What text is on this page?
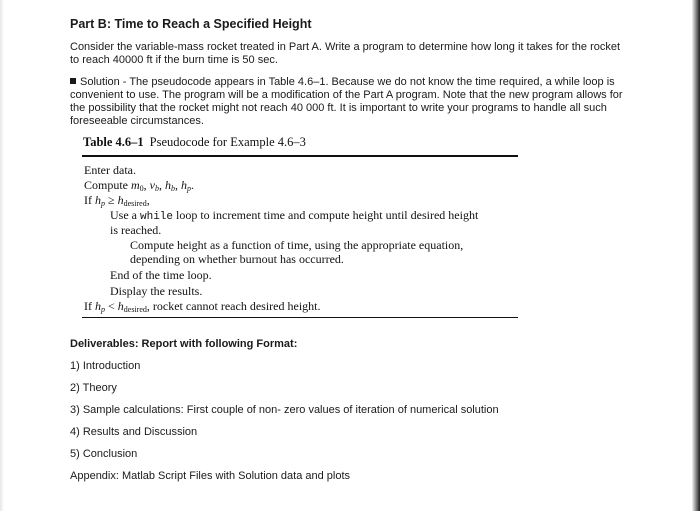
Part B: Time to Reach a Specified Height
Consider the variable-mass rocket treated in Part A. Write a program to determine how long it takes for the rocket to reach 40000 ft if the burn time is 50 sec.
Solution - The pseudocode appears in Table 4.6–1. Because we do not know the time required, a while loop is convenient to use. The program will be a modification of the Part A program. Note that the new program allows for the possibility that the rocket might not reach 40 000 ft. It is important to write your programs to handle all such foreseeable circumstances.
Table 4.6–1 Pseudocode for Example 4.6–3
Enter data.
Compute $m_0$, $v_b$, $h_b$, $h_p$.
If $h_p \ge h_{desired}$,
Use a while loop to increment time and compute height until desired height
is reached.
Compute height as a function of time, using the appropriate equation,
depending on whether burnout has occurred.
End of the time loop.
Display the results.
If $h_p < h_{desired}$, rocket cannot reach desired height.
Deliverables: Report with following Format:
1) Introduction
2) Theory
3) Sample calculations: First couple of non- zero values of iteration of numerical solution
4) Results and Discussion
5) Conclusion
Appendix: Matlab Script Files with Solution data and plots
